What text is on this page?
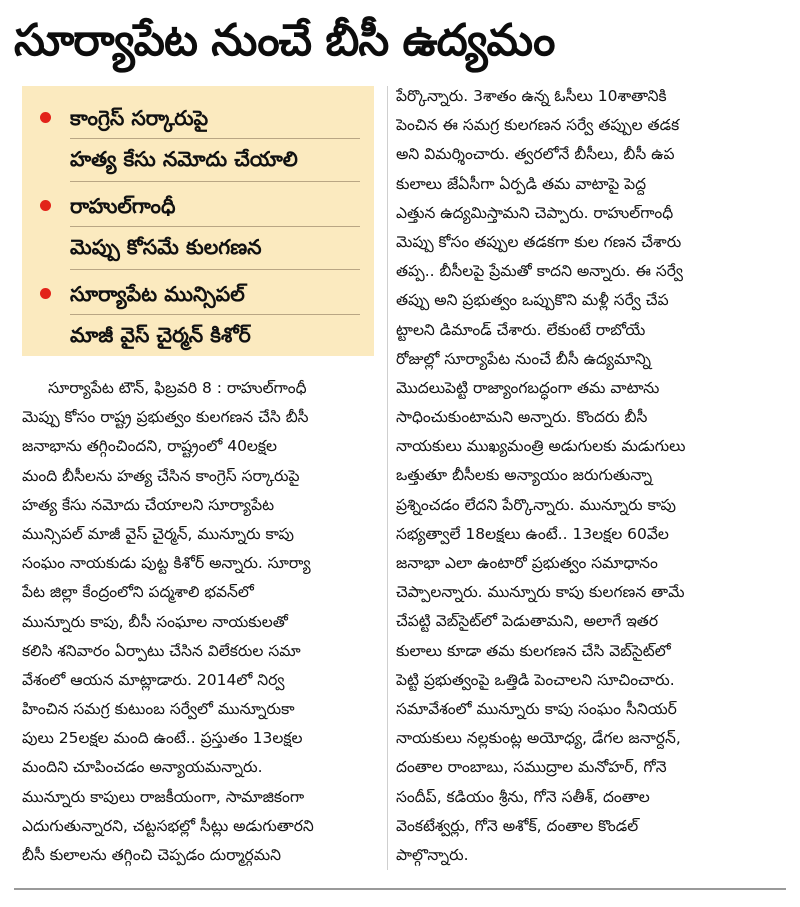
సూర్యాపేట నుంచే బీసీ ఉద్యమం
కాంగ్రెస్ సర్కారుపై
హత్య కేసు నమోదు చేయాలి
రాహుల్‌గాంధీ
మెప్పు కోసమే కులగణన
సూర్యాపేట మున్సిపల్
మాజీ వైస్ చైర్మన్ కిశోర్
సూర్యాపేట టౌన్, ఫిబ్రవరి 8 : రాహుల్‌గాంధీ
మెప్పు కోసం రాష్ట్ర ప్రభుత్వం కులగణన చేసి బీసీ
జనాభాను తగ్గించిందని, రాష్ట్రంలో 40లక్షల
మంది బీసీలను హత్య చేసిన కాంగ్రెస్ సర్కారుపై
హత్య కేసు నమోదు చేయాలని సూర్యాపేట
మున్సిపల్ మాజీ వైస్ చైర్మన్, మున్నూరు కాపు
సంఘం నాయకుడు పుట్ట కిశోర్ అన్నారు. సూర్యా
పేట జిల్లా కేంద్రంలోని పద్మశాలి భవన్‌లో
మున్నూరు కాపు, బీసీ సంఘాల నాయకులతో
కలిసి శనివారం ఏర్పాటు చేసిన విలేకరుల సమా
వేశంలో ఆయన మాట్లాడారు. 2014లో నిర్వ
హించిన సమగ్ర కుటుంబ సర్వేలో మున్నూరుకా
పులు 25లక్షల మంది ఉంటే.. ప్రస్తుతం 13లక్షల
మందిని చూపించడం అన్యాయమన్నారు.
మున్నూరు కాపులు రాజకీయంగా, సామాజికంగా
ఎదుగుతున్నారని, చట్టసభల్లో సీట్లు అడుగుతారని
బీసీ కులాలను తగ్గించి చెప్పడం దుర్మార్గమని
పేర్కొన్నారు. 3శాతం ఉన్న ఓసీలు 10శాతానికి
పెంచిన ఈ సమగ్ర కులగణన సర్వే తప్పుల తడక
అని విమర్శించారు. త్వరలోనే బీసీలు, బీసీ ఉప
కులాలు జేఏసీగా ఏర్పడి తమ వాటాపై పెద్ద
ఎత్తున ఉద్యమిస్తామని చెప్పారు. రాహుల్‌గాంధీ
మెప్పు కోసం తప్పుల తడకగా కుల గణన చేశారు
తప్ప.. బీసీలపై ప్రేమతో కాదని అన్నారు. ఈ సర్వే
తప్పు అని ప్రభుత్వం ఒప్పుకొని మళ్లీ సర్వే చేప
ట్టాలని డిమాండ్ చేశారు. లేకుంటే రాబోయే
రోజుల్లో సూర్యాపేట నుంచే బీసీ ఉద్యమాన్ని
మొదలుపెట్టి రాజ్యాంగబద్ధంగా తమ వాటాను
సాధించుకుంటామని అన్నారు. కొందరు బీసీ
నాయకులు ముఖ్యమంత్రి అడుగులకు మడుగులు
ఒత్తుతూ బీసీలకు అన్యాయం జరుగుతున్నా
ప్రశ్నించడం లేదని పేర్కొన్నారు. మున్నూరు కాపు
సభ్యత్వాలే 18లక్షలు ఉంటే.. 13లక్షల 60వేల
జనాభా ఎలా ఉంటారో ప్రభుత్వం సమాధానం
చెప్పాలన్నారు. మున్నూరు కాపు కులగణన తామే
చేపట్టి వెబ్‌సైట్‌లో పెడుతామని, అలాగే ఇతర
కులాలు కూడా తమ కులగణన చేసి వెబ్‌సైట్‌లో
పెట్టి ప్రభుత్వంపై ఒత్తిడి పెంచాలని సూచించారు.
సమావేశంలో మున్నూరు కాపు సంఘం సీనియర్
నాయకులు నల్లకుంట్ల అయోధ్య, డేగల జనార్దన్,
దంతాల రాంబాబు, సముద్రాల మనోహర్, గోనె
సందీప్, కడియం శ్రీను, గోనె సతీశ్, దంతాల
వెంకటేశ్వర్లు, గోనె అశోక్, దంతాల కొండల్
పాల్గొన్నారు.
